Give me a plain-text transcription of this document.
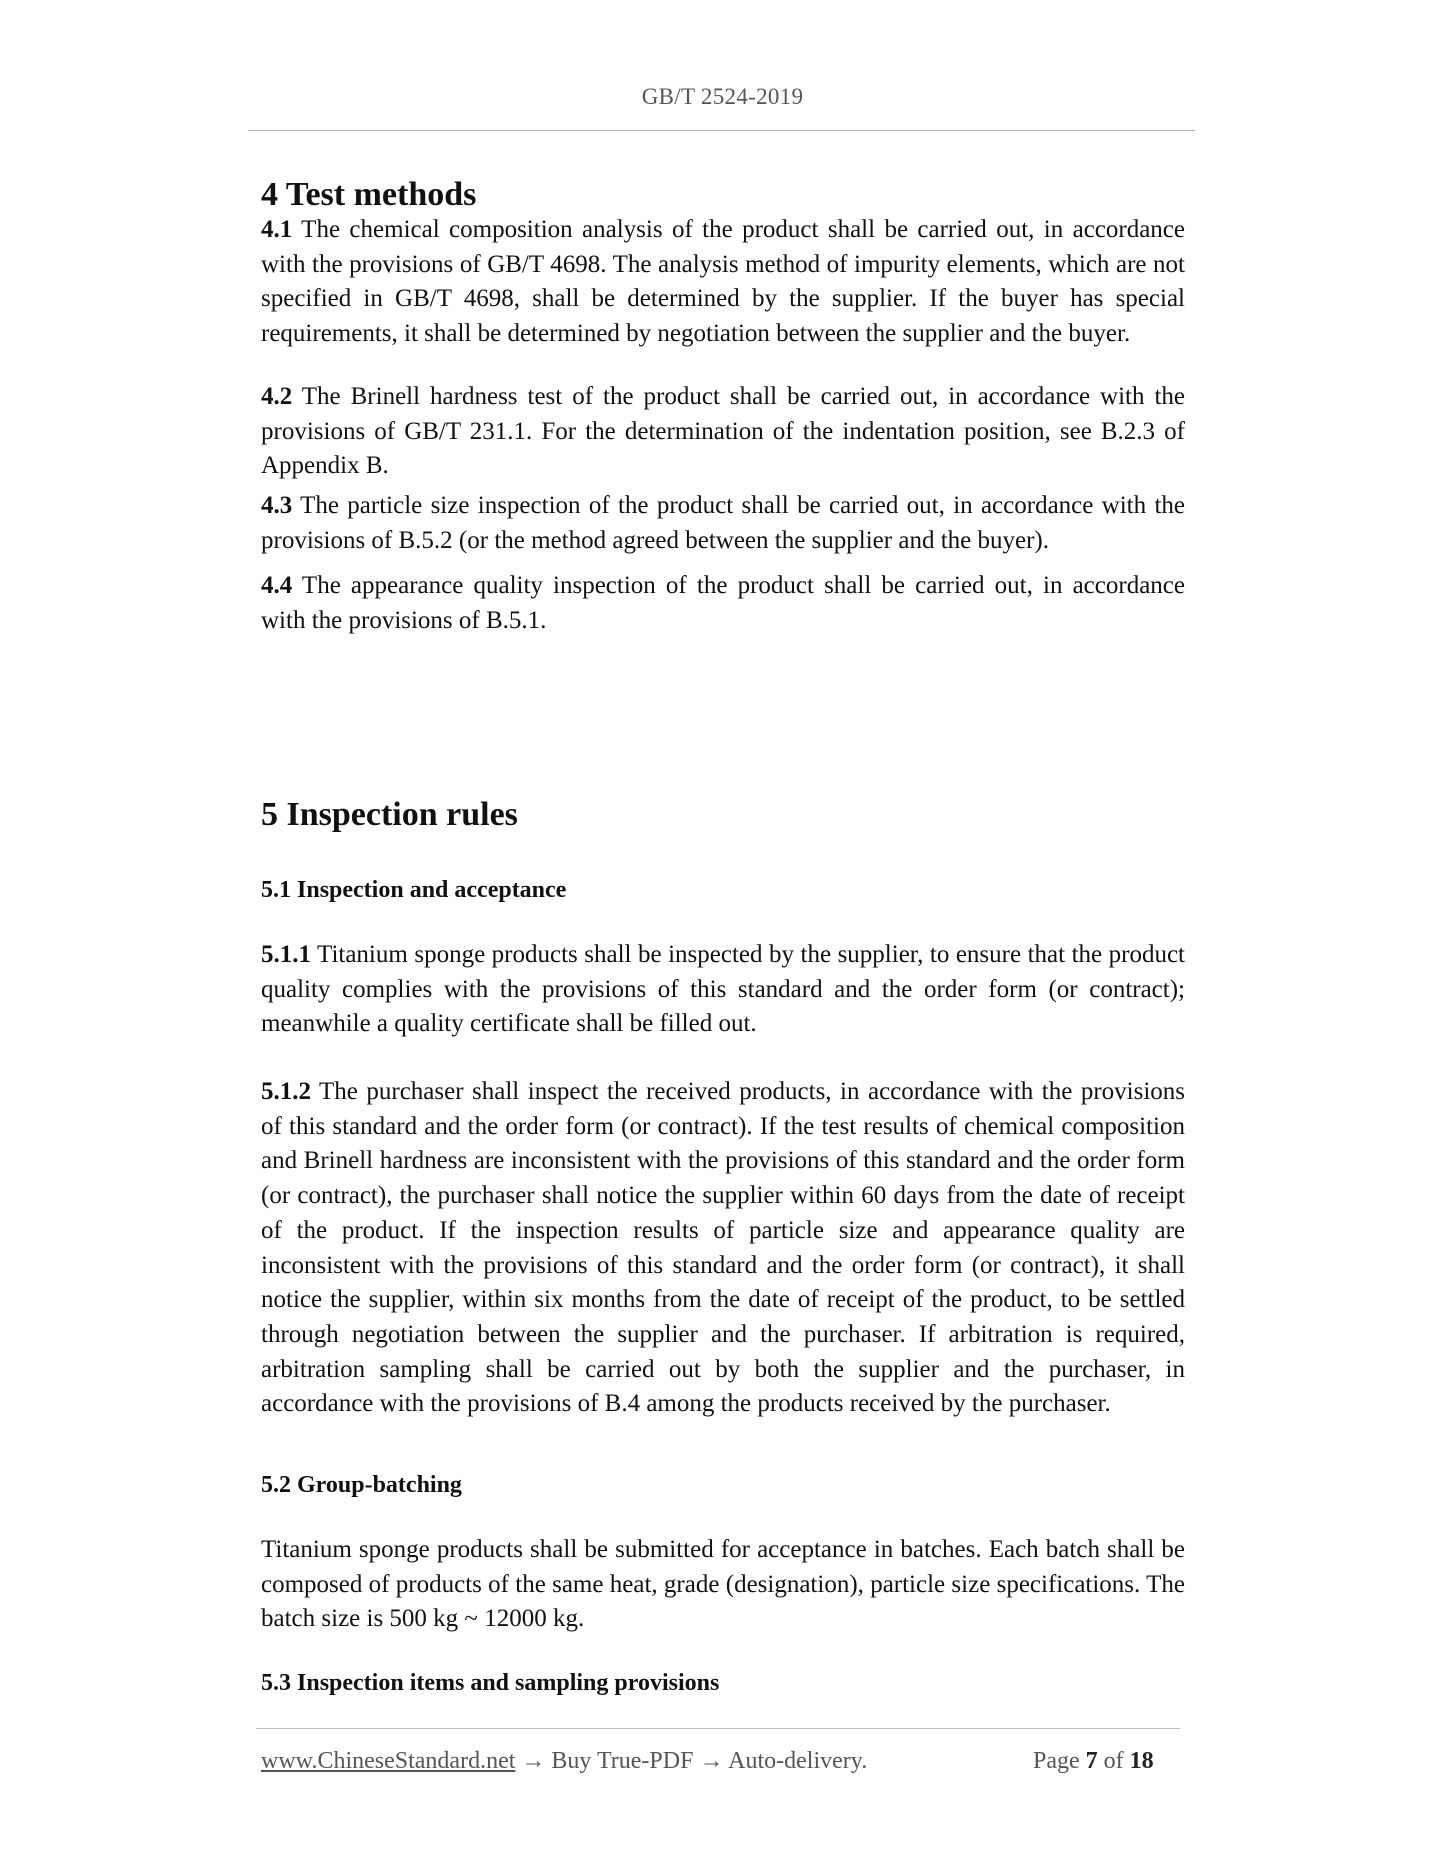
GB/T 2524-2019
4 Test methods

4.1 The chemical composition analysis of the product shall be carried out, in accordance with the provisions of GB/T 4698. The analysis method of impurity elements, which are not specified in GB/T 4698, shall be determined by the supplier. If the buyer has special requirements, it shall be determined by negotiation between the supplier and the buyer.

4.2 The Brinell hardness test of the product shall be carried out, in accordance with the provisions of GB/T 231.1. For the determination of the indentation position, see B.2.3 of Appendix B.

4.3 The particle size inspection of the product shall be carried out, in accordance with the provisions of B.5.2 (or the method agreed between the supplier and the buyer).

4.4 The appearance quality inspection of the product shall be carried out, in accordance with the provisions of B.5.1.

5 Inspection rules
5.1 Inspection and acceptance

5.1.1 Titanium sponge products shall be inspected by the supplier, to ensure that the product quality complies with the provisions of this standard and the order form (or contract); meanwhile a quality certificate shall be filled out.

5.1.2 The purchaser shall inspect the received products, in accordance with the provisions of this standard and the order form (or contract). If the test results of chemical composition and Brinell hardness are inconsistent with the provisions of this standard and the order form (or contract), the purchaser shall notice the supplier within 60 days from the date of receipt of the product. If the inspection results of particle size and appearance quality are inconsistent with the provisions of this standard and the order form (or contract), it shall notice the supplier, within six months from the date of receipt of the product, to be settled through negotiation between the supplier and the purchaser. If arbitration is required, arbitration sampling shall be carried out by both the supplier and the purchaser, in accordance with the provisions of B.4 among the products received by the purchaser.

5.2 Group-batching

Titanium sponge products shall be submitted for acceptance in batches. Each batch shall be composed of products of the same heat, grade (designation), particle size specifications. The batch size is 500 kg ~ 12000 kg.

5.3 Inspection items and sampling provisions
www.ChineseStandard.net → Buy True-PDF → Auto-delivery.	Page 7 of 18
